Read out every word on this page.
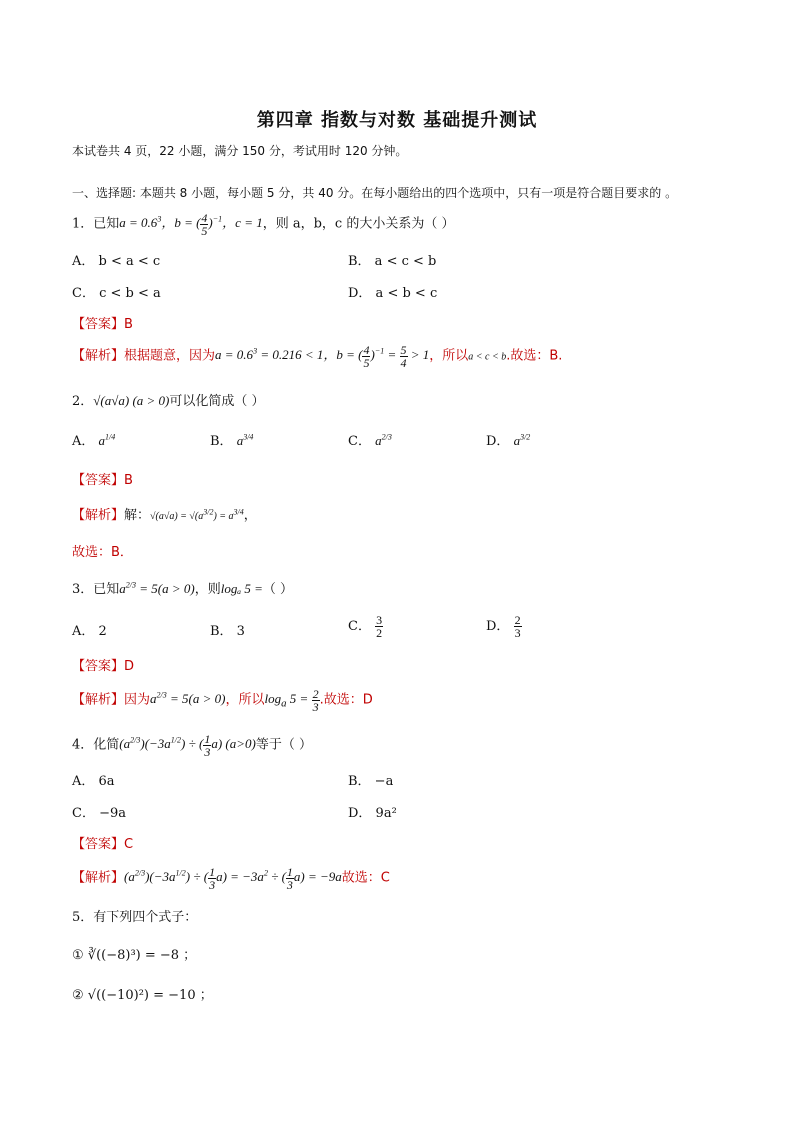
第四章 指数与对数 基础提升测试
本试卷共 4 页，22 小题，满分 150 分，考试用时 120 分钟。
一、选择题: 本题共 8 小题，每小题 5 分，共 40 分。在每小题给出的四个选项中，只有一项是符合题目要求的 。
1．已知$a = 0.6^3$，b = ( $\frac{4}{5} )^{-1}$，c = 1，则 a，b，c 的大小关系为（ ）
A． b < a < c	B． a < c < b
C． c < b < a	D． a < b < c
【答案】B
【解析】根据题意，因为$a = 0.6^3 = 0.216 < 1$，b = ( $\frac{4}{5} )^{-1} = \frac{5}{4} > 1$，所以a < c < b.故选：B.
2．√(a√a) (a > 0)可以化简成（ ）
A． $a^{1/4}$	B． $a^{3/4}$	C． $a^{2/3}$	D． $a^{3/2}$
【答案】B
【解析】解：$√(a√a) = √(a^{3/2}) = a^{3/4}$，
故选：B．
3．已知$a^{2/3} = 5(a > 0)$，则logₐ 5 =（ ）
A． 2	B． 3	C． $\frac{3}{2}$	D． $\frac{2}{3}$
【答案】D
【解析】因为$a^{2/3} = 5(a > 0)$，所以$\log_a 5 = \frac{2}{3}$ .故选：D
4．化简$(a^{2/3})(-3a^{1/2})$ ÷ ( $\frac{1}{3} a$) (a>0)等于（ ）
A． 6a	B． −a
C． −9a	D． 9a²
【答案】C
【解析】$(a^{2/3})(-3a^{1/2})$ ÷ ( $\frac{1}{3} a) = -3a^2$ ÷ ( $\frac{1}{3} a) = -9a$故选：C
5．有下列四个式子：
① ∛((−8)³) = −8 ；
② √((−10)²) = −10 ；
